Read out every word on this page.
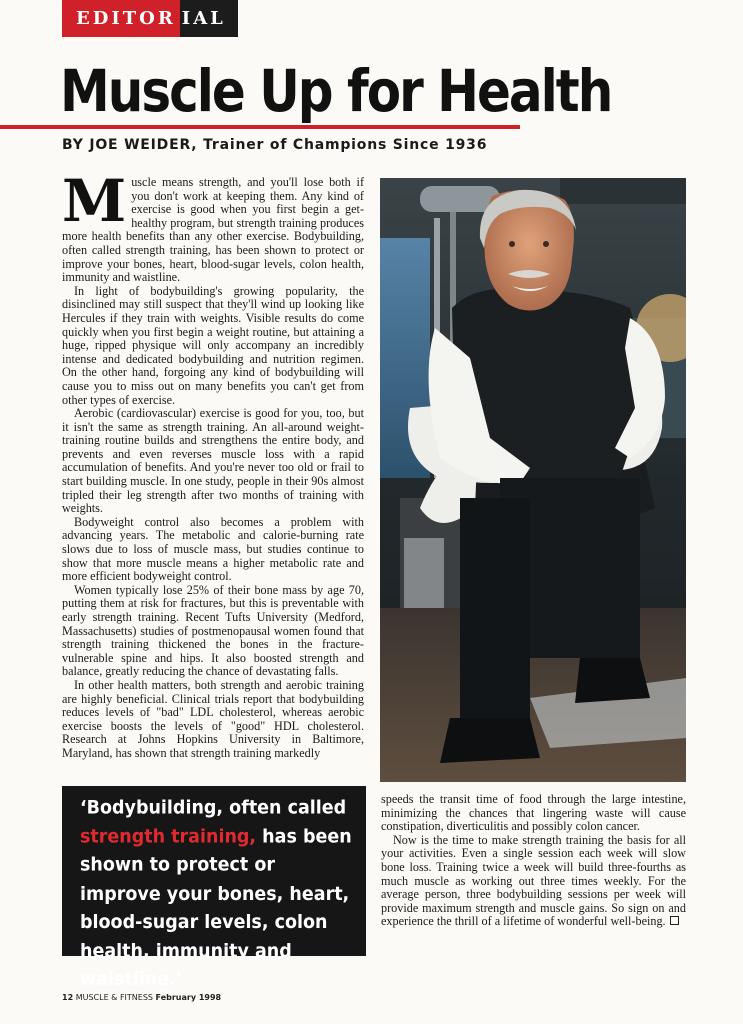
EDITOR IAL
Muscle Up for Health
BY JOE WEIDER, Trainer of Champions Since 1936

Muscle means strength, and you'll lose both if you don't work at keeping them. Any kind of exercise is good when you first begin a get-healthy program, but strength training produces more health benefits than any other exercise. Bodybuilding, often called strength training, has been shown to protect or improve your bones, heart, blood-sugar levels, colon health, immunity and waistline.

In light of bodybuilding's growing popularity, the disinclined may still suspect that they'll wind up looking like Hercules if they train with weights. Visible results do come quickly when you first begin a weight routine, but attaining a huge, ripped physique will only accompany an incredibly intense and dedicated bodybuilding and nutrition regimen. On the other hand, forgoing any kind of bodybuilding will cause you to miss out on many benefits you can't get from other types of exercise.

Aerobic (cardiovascular) exercise is good for you, too, but it isn't the same as strength training. An all-around weight-training routine builds and strengthens the entire body, and prevents and even reverses muscle loss with a rapid accumulation of benefits. And you're never too old or frail to start building muscle. In one study, people in their 90s almost tripled their leg strength after two months of training with weights.

Bodyweight control also becomes a problem with advancing years. The metabolic and calorie-burning rate slows due to loss of muscle mass, but studies continue to show that more muscle means a higher metabolic rate and more efficient bodyweight control.

Women typically lose 25% of their bone mass by age 70, putting them at risk for fractures, but this is preventable with early strength training. Recent Tufts University (Medford, Massachusetts) studies of postmenopausal women found that strength training thickened the bones in the fracture-vulnerable spine and hips. It also boosted strength and balance, greatly reducing the chance of devastating falls.

In other health matters, both strength and aerobic training are highly beneficial. Clinical trials report that bodybuilding reduces levels of "bad" LDL cholesterol, whereas aerobic exercise boosts the levels of "good" HDL cholesterol. Research at Johns Hopkins University in Baltimore, Maryland, has shown that strength training markedly

speeds the transit time of food through the large intestine, minimizing the chances that lingering waste will cause constipation, diverticulitis and possibly colon cancer.

Now is the time to make strength training the basis for all your activities. Even a single session each week will slow bone loss. Training twice a week will build three-fourths as much muscle as working out three times weekly. For the average person, three bodybuilding sessions per week will provide maximum strength and muscle gains. So sign on and experience the thrill of a lifetime of wonderful well-being.

‘Bodybuilding, often called strength training, has been shown to protect or improve your bones, heart, blood-sugar levels, colon health, immunity and waistline.’
12 MUSCLE & FITNESS February 1998
